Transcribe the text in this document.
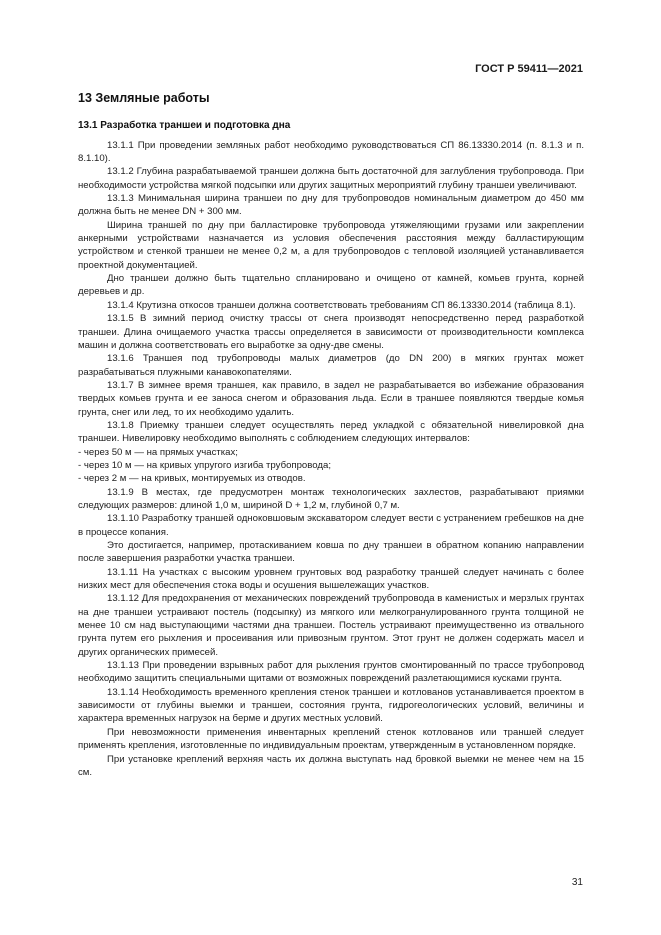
ГОСТ Р 59411—2021
13 Земляные работы
13.1 Разработка траншеи и подготовка дна

13.1.1 При проведении земляных работ необходимо руководствоваться СП 86.13330.2014 (п. 8.1.3 и п. 8.1.10).

13.1.2 Глубина разрабатываемой траншеи должна быть достаточной для заглубления трубопровода. При необходимости устройства мягкой подсыпки или других защитных мероприятий глубину траншеи увеличивают.

13.1.3 Минимальная ширина траншеи по дну для трубопроводов номинальным диаметром до 450 мм должна быть не менее DN + 300 мм.

Ширина траншей по дну при балластировке трубопровода утяжеляющими грузами или закреплении анкерными устройствами назначается из условия обеспечения расстояния между балластирующим устройством и стенкой траншеи не менее 0,2 м, а для трубопроводов с тепловой изоляцией устанавливается проектной документацией.

Дно траншеи должно быть тщательно спланировано и очищено от камней, комьев грунта, корней деревьев и др.

13.1.4 Крутизна откосов траншеи должна соответствовать требованиям СП 86.13330.2014 (таблица 8.1).

13.1.5 В зимний период очистку трассы от снега производят непосредственно перед разработкой траншеи. Длина очищаемого участка трассы определяется в зависимости от производительности комплекса машин и должна соответствовать его выработке за одну-две смены.

13.1.6 Траншея под трубопроводы малых диаметров (до DN 200) в мягких грунтах может разрабатываться плужными канавокопателями.

13.1.7 В зимнее время траншея, как правило, в задел не разрабатывается во избежание образования твердых комьев грунта и ее заноса снегом и образования льда. Если в траншее появляются твердые комья грунта, снег или лед, то их необходимо удалить.

13.1.8 Приемку траншеи следует осуществлять перед укладкой с обязательной нивелировкой дна траншеи. Нивелировку необходимо выполнять с соблюдением следующих интервалов:

- через 50 м — на прямых участках;
- через 10 м — на кривых упругого изгиба трубопровода;
- через 2 м — на кривых, монтируемых из отводов.

13.1.9 В местах, где предусмотрен монтаж технологических захлестов, разрабатывают приямки следующих размеров: длиной 1,0 м, шириной D + 1,2 м, глубиной 0,7 м.

13.1.10 Разработку траншей одноковшовым экскаватором следует вести с устранением гребешков на дне в процессе копания.

Это достигается, например, протаскиванием ковша по дну траншеи в обратном копанию направлении после завершения разработки участка траншеи.

13.1.11 На участках с высоким уровнем грунтовых вод разработку траншей следует начинать с более низких мест для обеспечения стока воды и осушения вышележащих участков.

13.1.12 Для предохранения от механических повреждений трубопровода в каменистых и мерзлых грунтах на дне траншеи устраивают постель (подсыпку) из мягкого или мелкогранулированного грунта толщиной не менее 10 см над выступающими частями дна траншеи. Постель устраивают преимущественно из отвального грунта путем его рыхления и просеивания или привозным грунтом. Этот грунт не должен содержать масел и других органических примесей.

13.1.13 При проведении взрывных работ для рыхления грунтов смонтированный по трассе трубопровод необходимо защитить специальными щитами от возможных повреждений разлетающимися кусками грунта.

13.1.14 Необходимость временного крепления стенок траншеи и котлованов устанавливается проектом в зависимости от глубины выемки и траншеи, состояния грунта, гидрогеологических условий, величины и характера временных нагрузок на берме и других местных условий.

При невозможности применения инвентарных креплений стенок котлованов или траншей следует применять крепления, изготовленные по индивидуальным проектам, утвержденным в установленном порядке.

При установке креплений верхняя часть их должна выступать над бровкой выемки не менее чем на 15 см.

31
